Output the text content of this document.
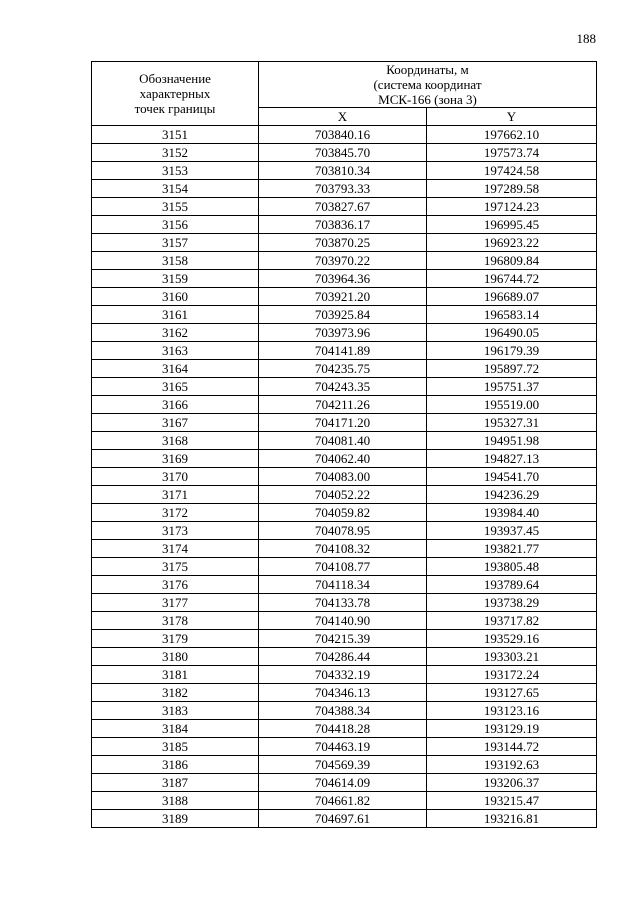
188
Обозначение
характерных
точек границы	Координаты, м
(система координат
МСК-166 (зона 3)	
	X	Y
3151	703840.16	197662.10
3152	703845.70	197573.74
3153	703810.34	197424.58
3154	703793.33	197289.58
3155	703827.67	197124.23
3156	703836.17	196995.45
3157	703870.25	196923.22
3158	703970.22	196809.84
3159	703964.36	196744.72
3160	703921.20	196689.07
3161	703925.84	196583.14
3162	703973.96	196490.05
3163	704141.89	196179.39
3164	704235.75	195897.72
3165	704243.35	195751.37
3166	704211.26	195519.00
3167	704171.20	195327.31
3168	704081.40	194951.98
3169	704062.40	194827.13
3170	704083.00	194541.70
3171	704052.22	194236.29
3172	704059.82	193984.40
3173	704078.95	193937.45
3174	704108.32	193821.77
3175	704108.77	193805.48
3176	704118.34	193789.64
3177	704133.78	193738.29
3178	704140.90	193717.82
3179	704215.39	193529.16
3180	704286.44	193303.21
3181	704332.19	193172.24
3182	704346.13	193127.65
3183	704388.34	193123.16
3184	704418.28	193129.19
3185	704463.19	193144.72
3186	704569.39	193192.63
3187	704614.09	193206.37
3188	704661.82	193215.47
3189	704697.61	193216.81
